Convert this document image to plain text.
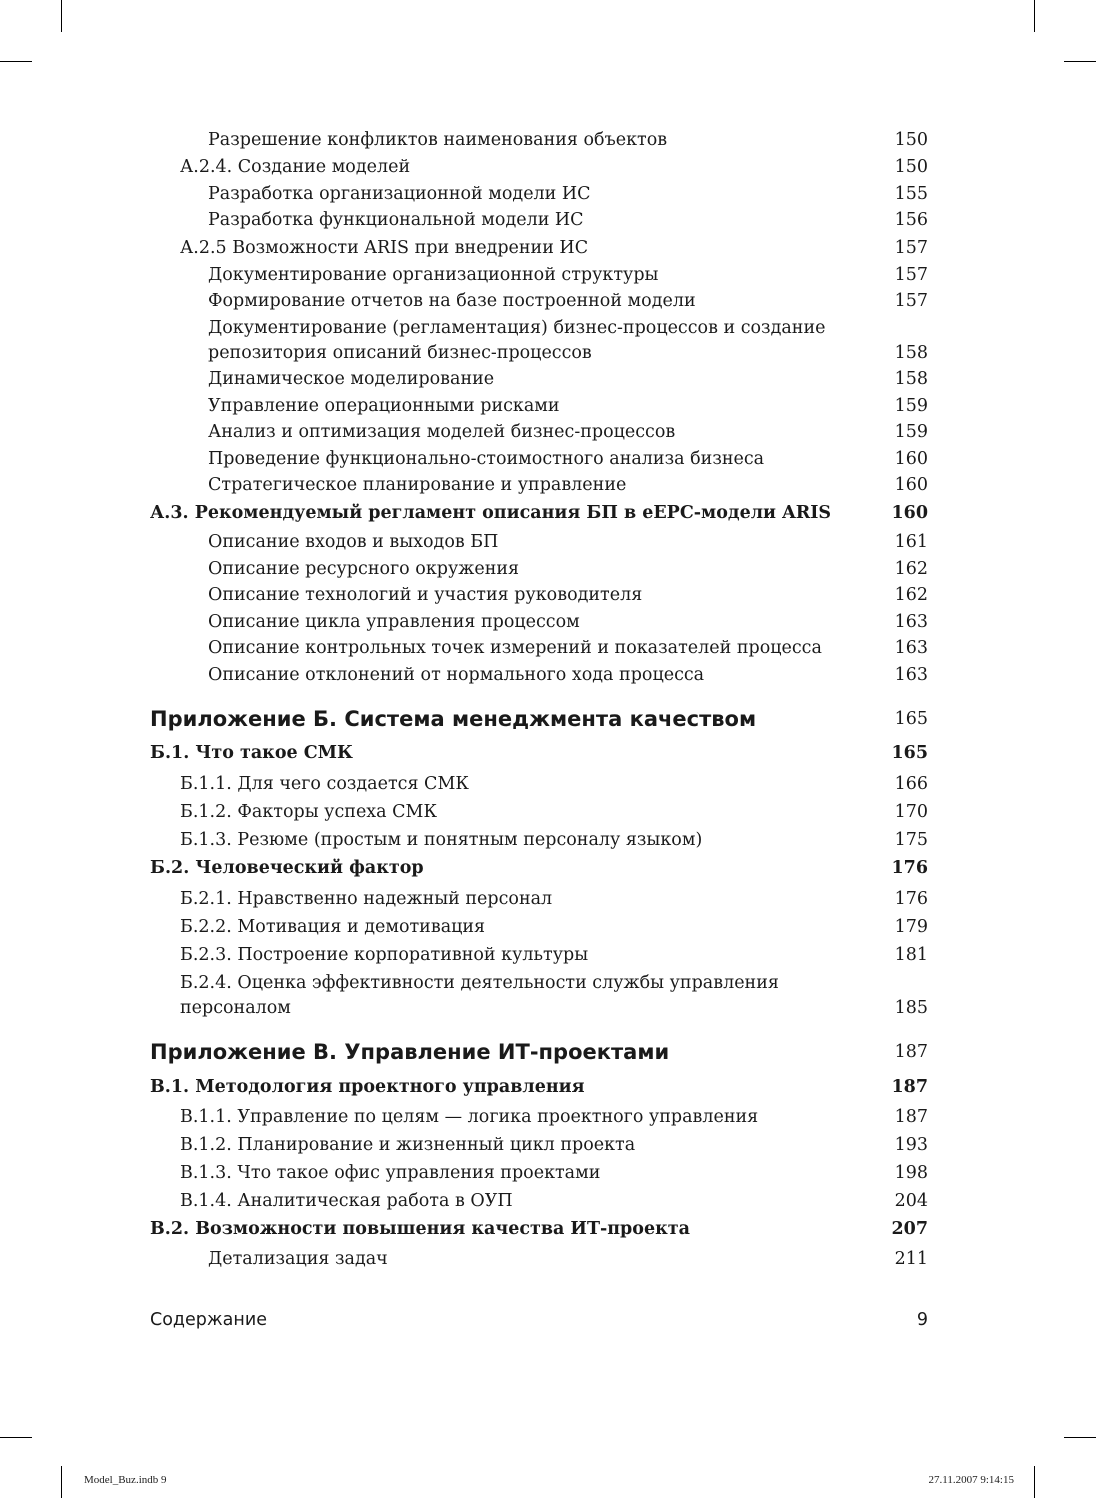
Разрешение конфликтов наименования объектов	150
А.2.4. Создание моделей	150
Разработка организационной модели ИС	155
Разработка функциональной модели ИС	156
А.2.5 Возможности ARIS при внедрении ИС	157
Документирование организационной структуры	157
Формирование отчетов на базе построенной модели	157
Документирование (регламентация) бизнес-процессов и создание
репозитория описаний бизнес-процессов	158
Динамическое моделирование	158
Управление операционными рисками	159
Анализ и оптимизация моделей бизнес-процессов	159
Проведение функционально-стоимостного анализа бизнеса	160
Стратегическое планирование и управление	160
А.3. Рекомендуемый регламент описания БП в еЕРС-модели ARIS	160
Описание входов и выходов БП	161
Описание ресурсного окружения	162
Описание технологий и участия руководителя	162
Описание цикла управления процессом	163
Описание контрольных точек измерений и показателей процесса	163
Описание отклонений от нормального хода процесса	163
Приложение Б. Система менеджмента качеством	165
Б.1. Что такое СМК	165
Б.1.1. Для чего создается СМК	166
Б.1.2. Факторы успеха СМК	170
Б.1.3. Резюме (простым и понятным персоналу языком)	175
Б.2. Человеческий фактор	176
Б.2.1. Нравственно надежный персонал	176
Б.2.2. Мотивация и демотивация	179
Б.2.3. Построение корпоративной культуры	181
Б.2.4. Оценка эффективности деятельности службы управления
персоналом	185
Приложение В. Управление ИТ-проектами	187
В.1. Методология проектного управления	187
В.1.1. Управление по целям — логика проектного управления	187
В.1.2. Планирование и жизненный цикл проекта	193
В.1.3. Что такое офис управления проектами	198
В.1.4. Аналитическая работа в ОУП	204
В.2. Возможности повышения качества ИТ-проекта	207
Детализация задач	211
Содержание	9
Model_Buz.indb 9	27.11.2007 9:14:15
